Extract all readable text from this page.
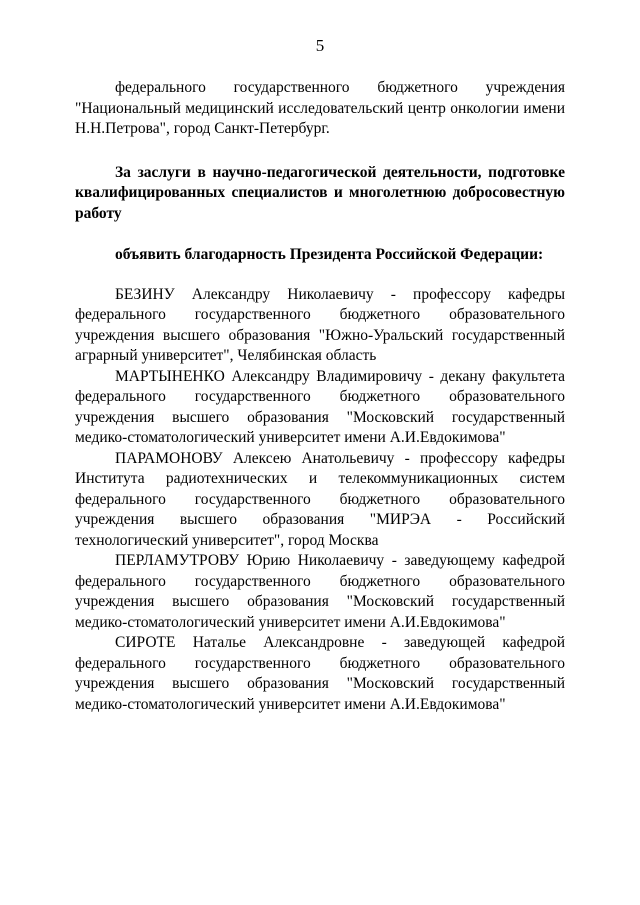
5

федерального государственного бюджетного учреждения "Национальный медицинский исследовательский центр онкологии имени Н.Н.Петрова", город Санкт-Петербург.

За заслуги в научно-педагогической деятельности, подготовке квалифицированных специалистов и многолетнюю добросовестную работу

объявить благодарность Президента Российской Федерации:

БЕЗИНУ Александру Николаевичу - профессору кафедры федерального государственного бюджетного образовательного учреждения высшего образования "Южно-Уральский государственный аграрный университет", Челябинская область

МАРТЫНЕНКО Александру Владимировичу - декану факультета федерального государственного бюджетного образовательного учреждения высшего образования "Московский государственный медико-стоматологический университет имени А.И.Евдокимова"

ПАРАМОНОВУ Алексею Анатольевичу - профессору кафедры Института радиотехнических и телекоммуникационных систем федерального государственного бюджетного образовательного учреждения высшего образования "МИРЭА - Российский технологический университет", город Москва

ПЕРЛАМУТРОВУ Юрию Николаевичу - заведующему кафедрой федерального государственного бюджетного образовательного учреждения высшего образования "Московский государственный медико-стоматологический университет имени А.И.Евдокимова"

СИРОТЕ Наталье Александровне - заведующей кафедрой федерального государственного бюджетного образовательного учреждения высшего образования "Московский государственный медико-стоматологический университет имени А.И.Евдокимова"
